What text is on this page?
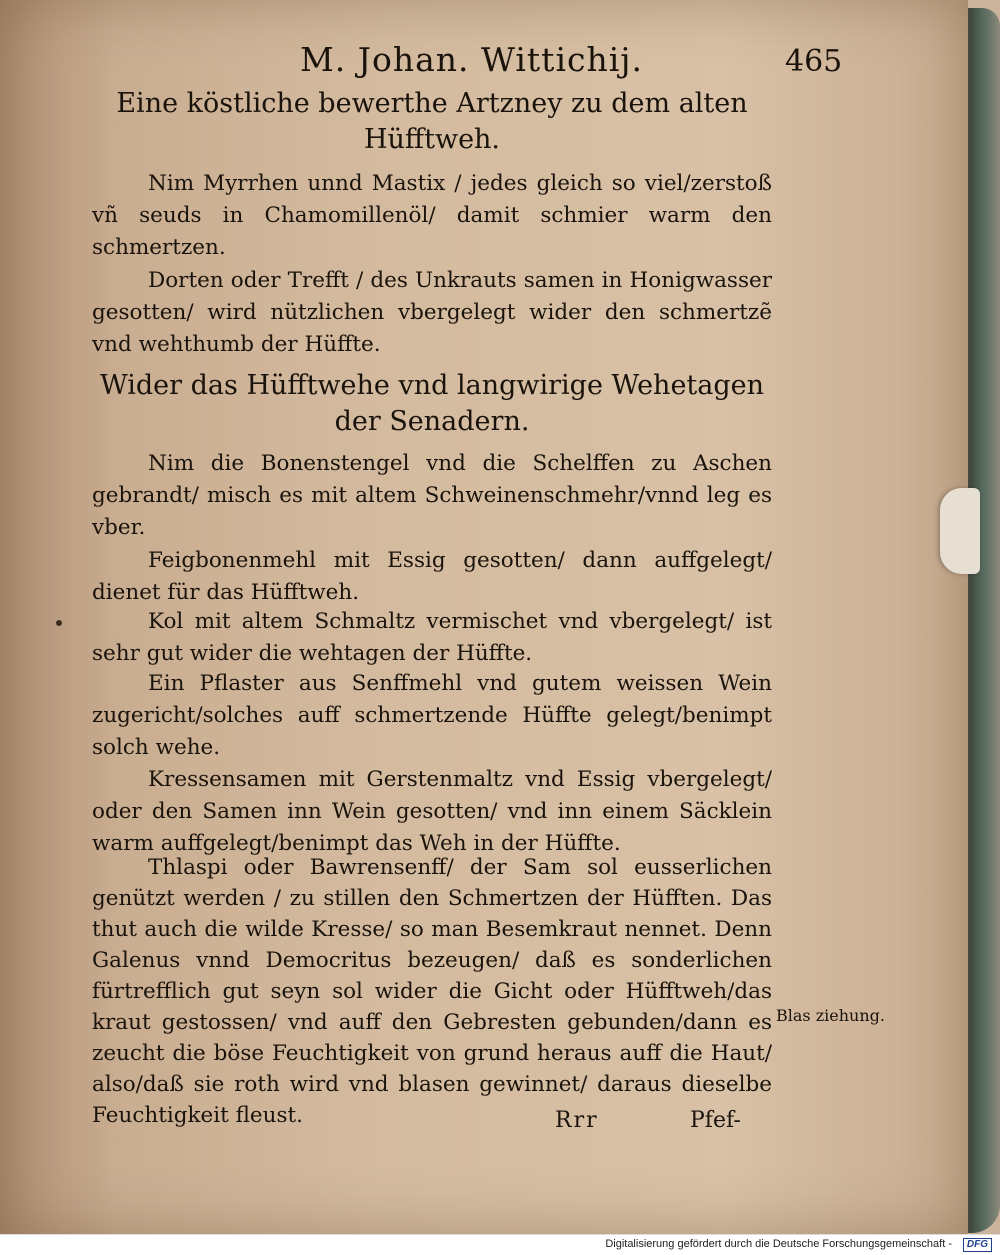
M. Johan. Wittichij.	465
Eine köstliche bewerthe Artzney zu dem alten Hüfftweh.
Nim Myrrhen unnd Mastix / jedes gleich so viel/zerstoß vñ seuds in Chamomillenöl/ damit schmier warm den schmertzen.
Dorten oder Trefft / des Unkrauts samen in Honigwasser gesotten/ wird nützlichen vbergelegt wider den schmertzẽ vnd wehthumb der Hüffte.
Wider das Hüfftwehe vnd langwirige Wehetagen der Senadern.
Nim die Bonenstengel vnd die Schelffen zu Aschen gebrandt/ misch es mit altem Schweinenschmehr/vnnd leg es vber.
Feigbonenmehl mit Essig gesotten/ dann auffgelegt/ dienet für das Hüfftweh.
Kol mit altem Schmaltz vermischet vnd vbergelegt/ ist sehr gut wider die wehtagen der Hüffte.
Ein Pflaster aus Senffmehl vnd gutem weissen Wein zugericht/solches auff schmertzende Hüffte gelegt/benimpt solch wehe.
Kressensamen mit Gerstenmaltz vnd Essig vbergelegt/ oder den Samen inn Wein gesotten/ vnd inn einem Säcklein warm auffgelegt/benimpt das Weh in der Hüffte.
Thlaspi oder Bawrensenff/ der Sam sol eusserlichen genützt werden / zu stillen den Schmertzen der Hüfften. Das thut auch die wilde Kresse/ so man Besemkraut nennet. Denn Galenus vnnd Democritus bezeugen/ daß es sonderlichen fürtrefflich gut seyn sol wider die Gicht oder Hüfftweh/das kraut gestossen/ vnd auff den Gebresten gebunden/dann es zeucht die böse Feuchtigkeit von grund heraus auff die Haut/ also/daß sie roth wird vnd blasen gewinnet/ daraus dieselbe Feuchtigkeit fleust.
Blas ziehung.
Rrr	Pfef-
Digitalisierung gefördert durch die Deutsche Forschungsgemeinschaft -	DFG
